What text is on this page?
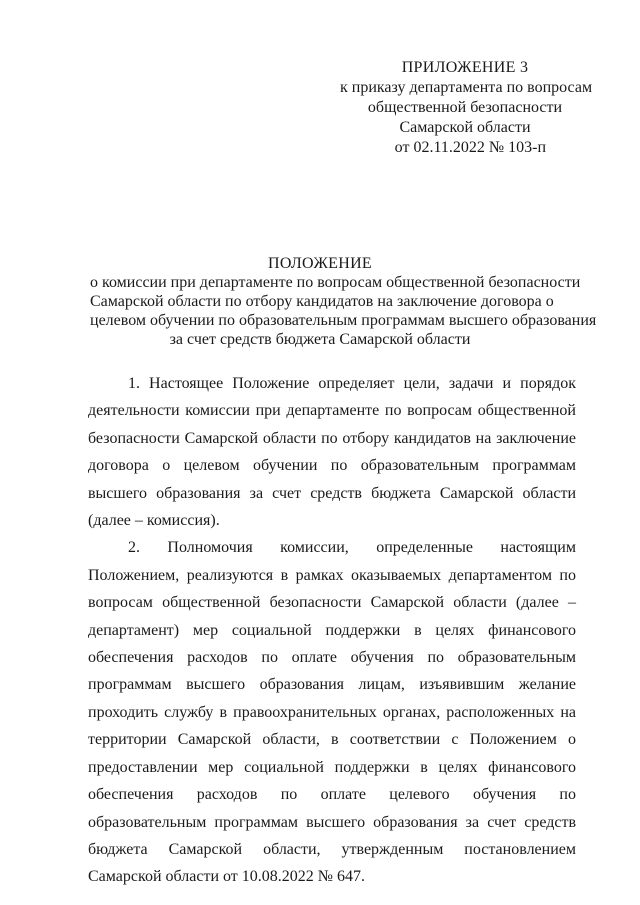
ПРИЛОЖЕНИЕ 3
к приказу департамента по вопросам
общественной безопасности
Самарской области
от 02.11.2022 № 103-п
ПОЛОЖЕНИЕ
о комиссии при департаменте по вопросам общественной безопасности
Самарской области по отбору кандидатов на заключение договора о
целевом обучении по образовательным программам высшего образования
за счет средств бюджета Самарской области

1. Настоящее Положение определяет цели, задачи и порядок деятельности комиссии при департаменте по вопросам общественной безопасности Самарской области по отбору кандидатов на заключение договора о целевом обучении по образовательным программам высшего образования за счет средств бюджета Самарской области (далее – комиссия).

2. Полномочия комиссии, определенные настоящим Положением, реализуются в рамках оказываемых департаментом по вопросам общественной безопасности Самарской области (далее – департамент) мер социальной поддержки в целях финансового обеспечения расходов по оплате обучения по образовательным программам высшего образования лицам, изъявившим желание проходить службу в правоохранительных органах, расположенных на территории Самарской области, в соответствии с Положением о предоставлении мер социальной поддержки в целях финансового обеспечения расходов по оплате целевого обучения по образовательным программам высшего образования за счет средств бюджета Самарской области, утвержденным постановлением Самарской области от 10.08.2022 № 647.
